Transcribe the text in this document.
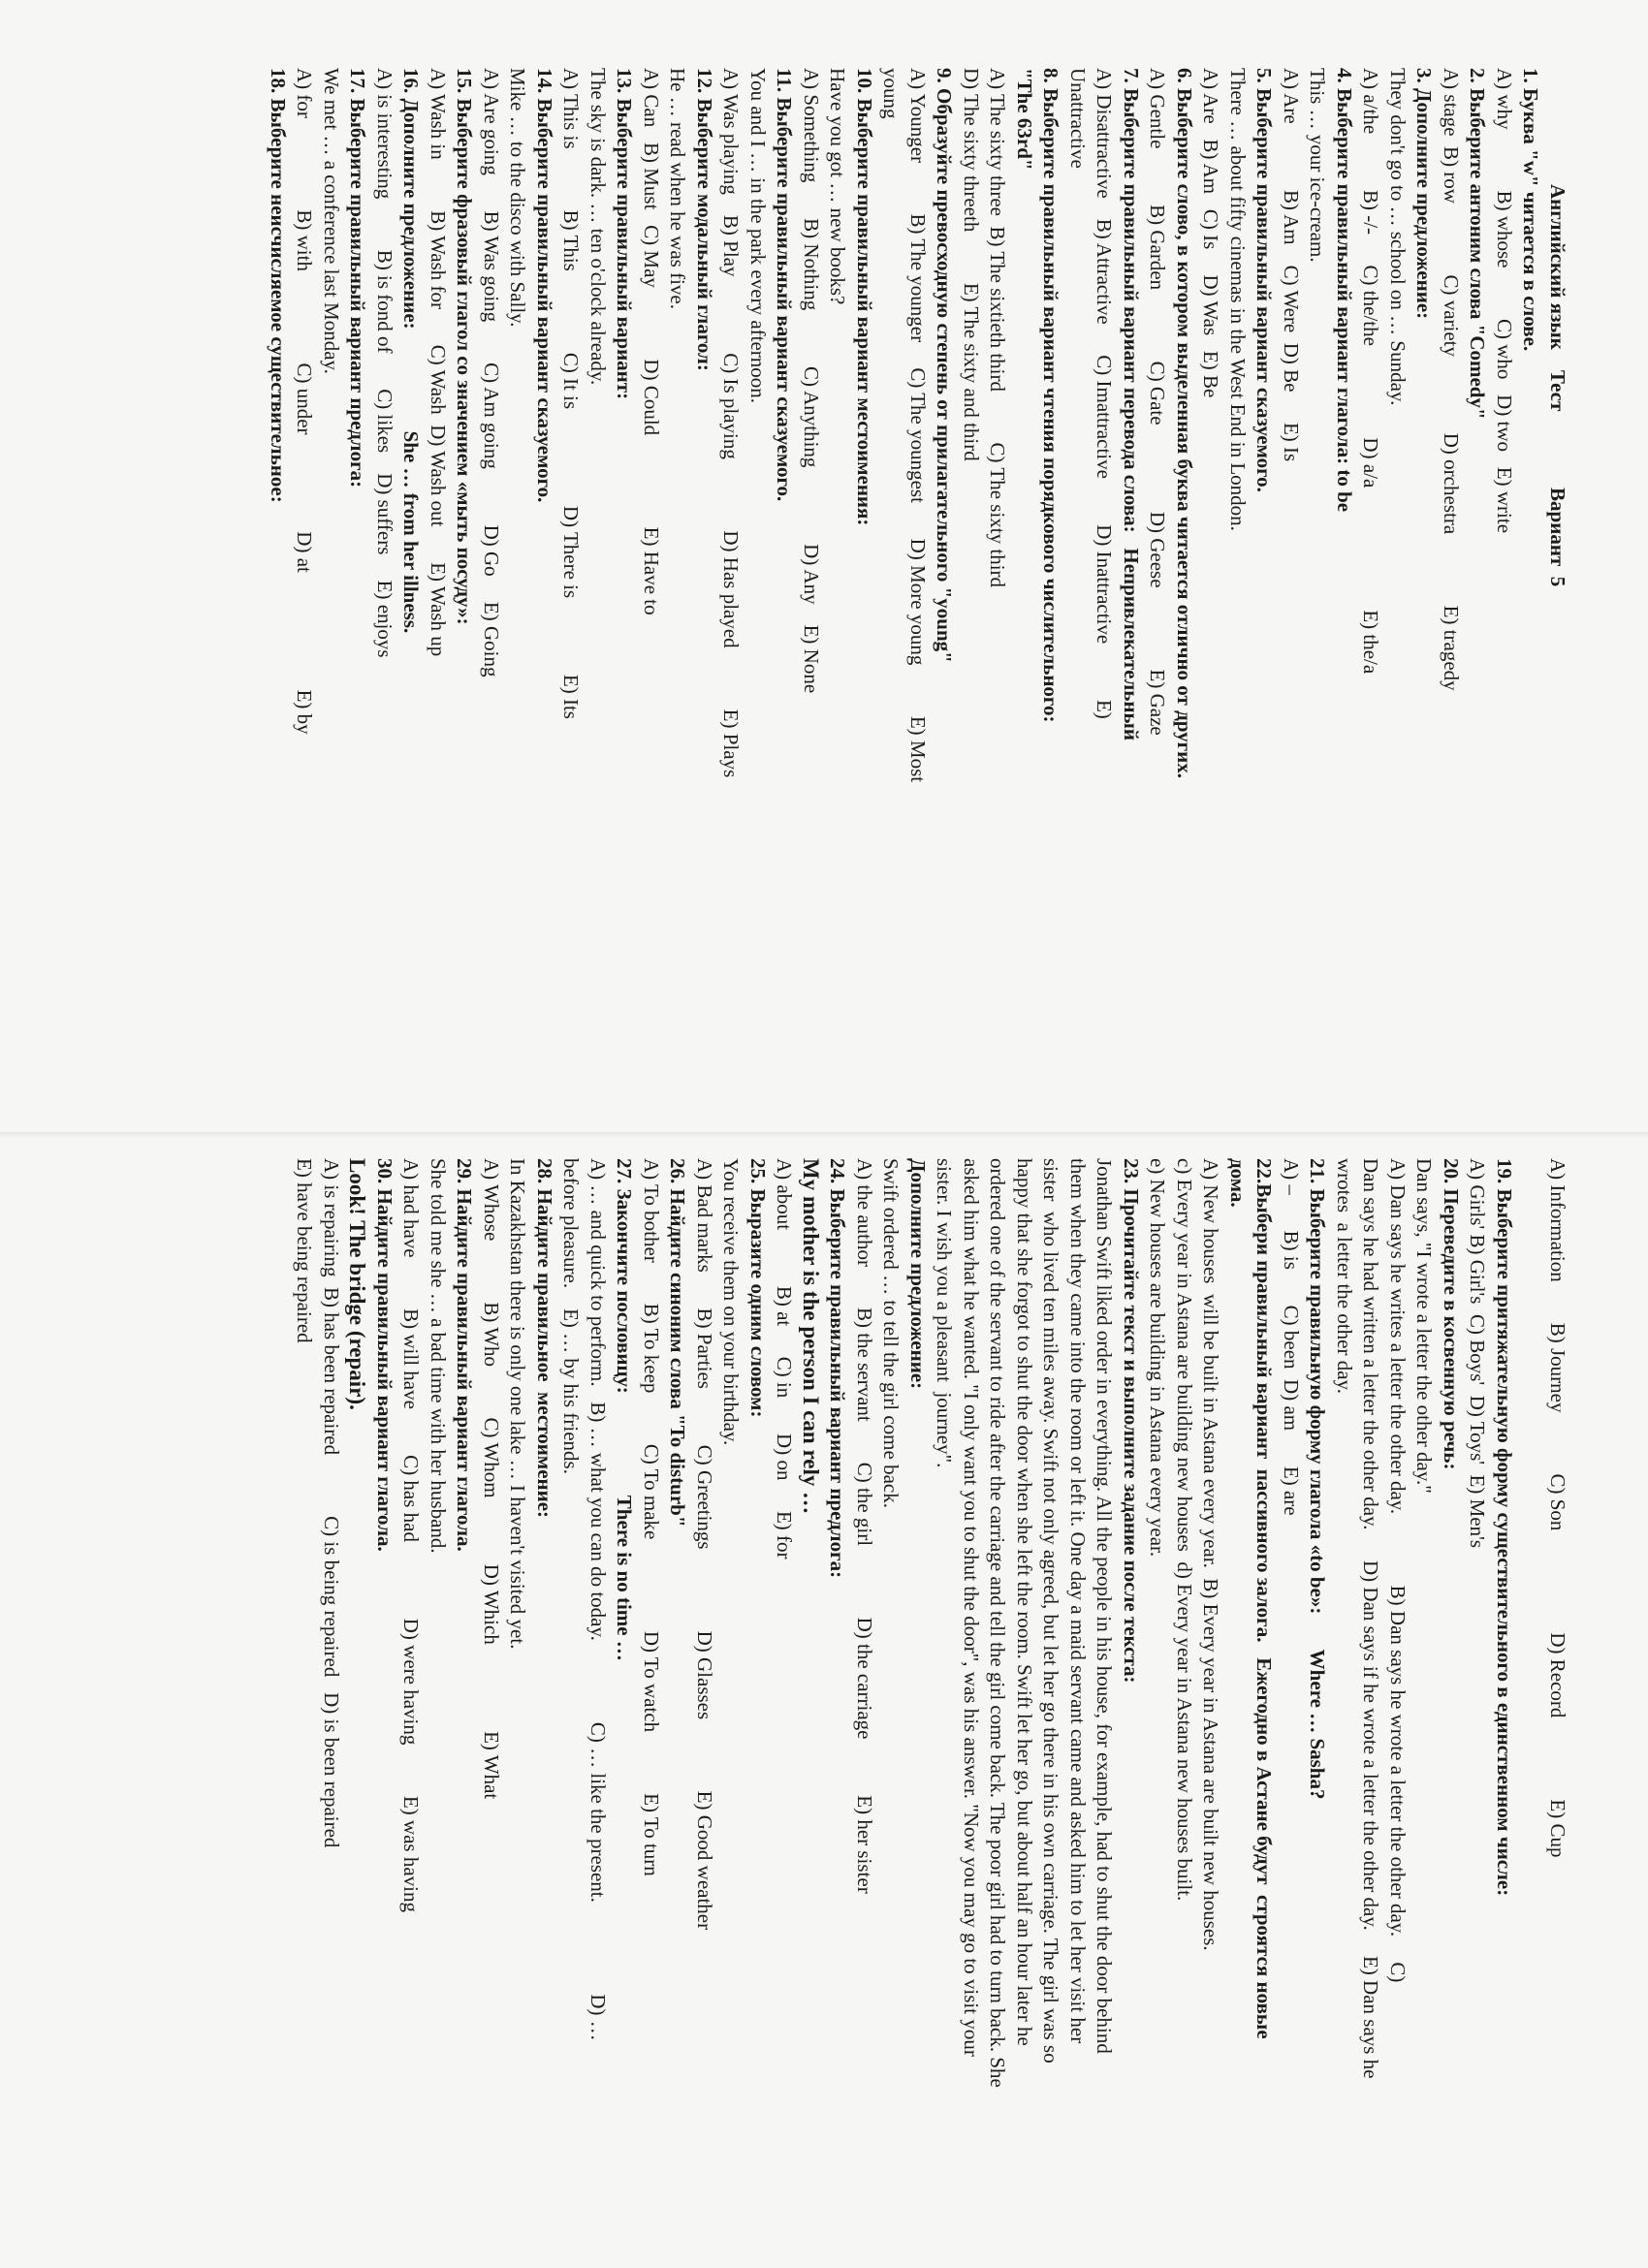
Английский язык    Тест               Вариант  5
1. Буква "w" читается в слове.
A) why            B) whose          C) who   D) two   E) write
2. Выберите антоним слова "Comedy"
A) stage  B) row              C) variety               D) orchestra              E) tragedy
3. Дополните предложение:
They don't go to … school on … Sunday.
A) a/the           B) -/-      C) the/the                  D) a/a                        E) the/a
4. Выберите правильный вариант глагола: to be
This … your ice-cream.
A) Are             B) Am    C) Were  D) Be      E) Is
5. Выберите правильный вариант сказуемого.
There … about fifty cinemas in the West End in London.
A) Are   B) Am   C) Is     D) Was   E) Be
6. Выберите слово, в котором выделенная буква читается отлично от других.
A) Gentle           B) Garden              C) Gate                 D) Geese                E) Gaze
7. Выберите правильный вариант перевода слова:   Непривлекательный
A) Disattractive    B) Attractive      C) Imattractive         D) Inattractive           E)
Unattractive
8. Выберите правильный вариант чтения порядкового числительного:
"The 63rd"
A) The sixty three  B) The sixtieth third          C) The sixty third
D) The sixty threeth          E) The sixty and third
9. Образуйте превосходную степень от прилагательного "young"
A) Younger          B) The younger     C) The youngest       D) More young          E) Most
young
10. Выберите правильный вариант местоимения:
Have you got … new books?
A) Something       B) Nothing           C) Anything               D) Any    E) None
11. Выберите правильный вариант сказуемого.
You and I … in the park every afternoon.
A) Was playing    B) Play               C) Is playing              D) Has played            E) Plays
12. Выберите модальный глагол:
He … read when he was five.
A) Can   B) Must   C) May              D) Could                  E) Have to
13. Выберите правильный вариант:
The sky is dark. … ten o'clock already.
A) This is            B) This                C) It is                   D) There is               E) Its
14. Выберите правильный вариант сказуемого.
Mike … to the disco with Sally.
A) Are going       B) Was going        C) Am going           D) Go     E) Going
15. Выберите фразовый глагол со значением «мыть посуду»:
A) Wash in          B) Wash for       C) Wash  D) Wash out       E) Wash up
16. Дополните предложение:                    She … from her illness.
A) is interesting          B) is fond of       C) likes    D) suffers     E) enjoys
17. Выберите правильный вариант предлога:
We met … a conference last Monday.
A) for                  B) with                  C) under                   D) at                       E) by
18. Выберите неисчисляемое существительное:
A) Information        B) Journey            C) Son                    D) Record                E) Cup
19. Выберите притяжательную форму существительного в единственном числе:
A) Girls' B) Girl's  C) Boys'  D) Toys'  E) Men's
20. Переведите в косвенную речь:
Dan says, "I wrote a letter the other day."
A) Dan says he writes a letter the other day.              B) Dan says he wrote a letter the other day.     C)
Dan says he had written a letter the other day.      D) Dan says if he wrote a letter the other day.     E) Dan says he
wrotes  a letter the other day.
21. Выберите правильную форму глагола «to be»:       Where … Sasha?
A) –       B) is       C) been  D) am       E) are
22.Выбери правильный вариант  пассивного залога.   Ежегодно в Астане будут  строятся новые
дома.
A) New houses  will be built in Astana every year.  B) Every year in Astana are built new houses.
c) Every year in Astana are building new houses  d) Every year in Astana new houses built.
e) New houses are building in Astana every year.
23. Прочитайте текст и выполните задание после текста:
Jonathan Swift liked order in everything. All the people in his house, for example, had to shut the door behind
them when they came into the room or left it. One day a maid servant came and asked him to let her visit her
sister  who lived ten miles away. Swift not only agreed, but let her go there in his own carriage. The girl was so
happy that she forgot to shut the door when she left the room. Swift let her go, but about half an hour later he
ordered one of the servant to ride after the carriage and tell the girl come back. The poor girl had to turn back. She
asked him what he wanted. "I only want you to shut the door", was his answer. "Now you may go to visit your
sister. I wish you a pleasant  journey".
Дополните предложение:
Swift ordered … to tell the girl come back.
A) the author        B) the servant        C) the girl              D) the carriage           E) her sister
24. Выберите правильный вариант предлога:
My mother is the person I can rely …
A) about           B) at      C) in       D) on      E) for
25. Выразите одним словом:
You receive them on your birthday.
A) Bad marks       B) Parties           C) Greetings                D) Glasses              E) Good weather
26. Найдите синоним слова "To disturb"
A) To bother        B) To keep          C) To make                  D) To watch            E) To turn
27. Закончите пословицу:                    There is no time …
A) … and quick to perform.   B) … what you can do today.                C) … like the present.                  D) …
before pleasure.    E) … by his friends.
28. Найдите правильное  местоимение:
In Kazakhstan there is only one lake … I haven't visited yet.
A) Whose            B) Who          C) Whom             D) Which                 E) What
29. Найдите правильный вариант глагола.
She told me she … a bad time with her husband.
A) had have          B) will have         C) has had               D) were having          E) was having
30. Найдите правильный вариант глагола.
Look! The bridge (repair).
A) is repairing  B) has been repaired            C) is being repaired   D) is been repaired
E) have being repaired
